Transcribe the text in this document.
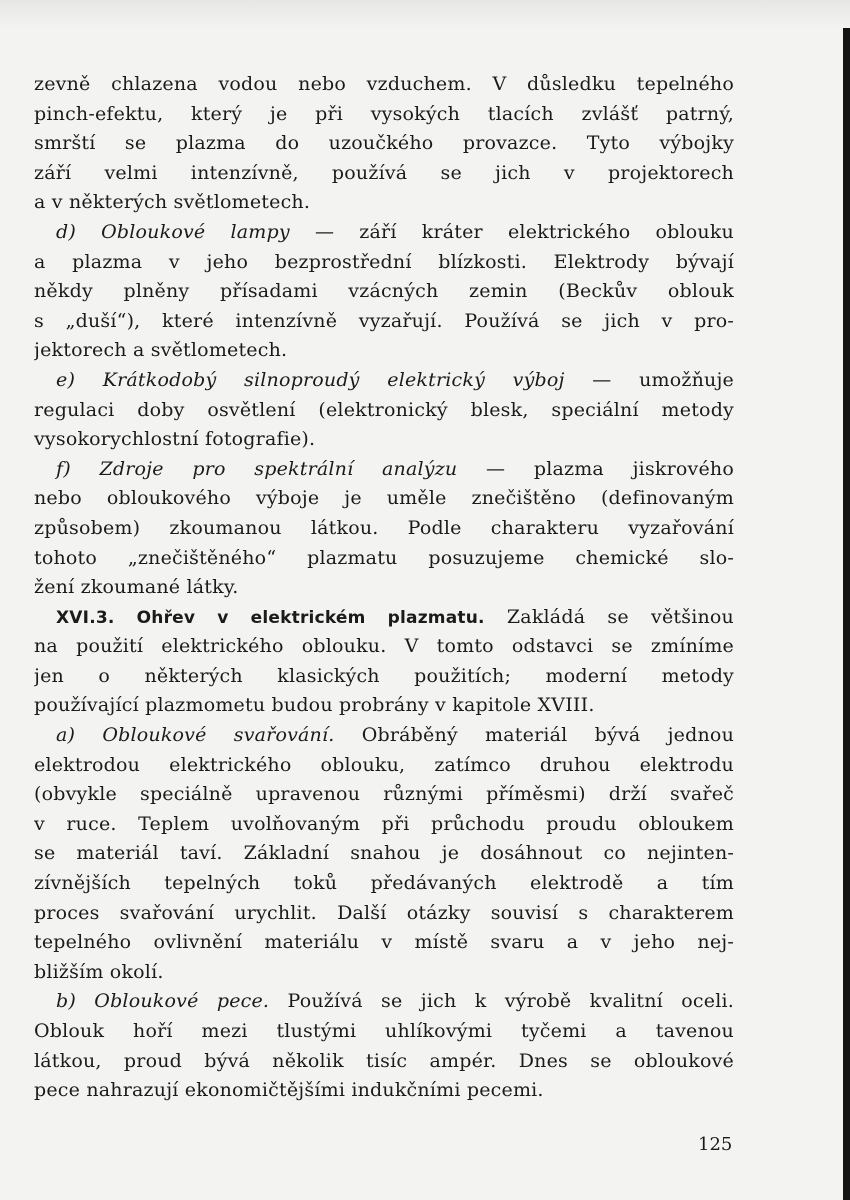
zevně chlazena vodou nebo vzduchem. V důsledku tepelného
pinch-efektu, který je při vysokých tlacích zvlášť patrný,
smrští se plazma do uzoučkého provazce. Tyto výbojky
září velmi intenzívně, používá se jich v projektorech
a v některých světlometech.
d) Obloukové lampy — září kráter elektrického oblouku
a plazma v jeho bezprostřední blízkosti. Elektrody bývají
někdy plněny přísadami vzácných zemin (Beckův oblouk
s „duší“), které intenzívně vyzařují. Používá se jich v pro-
jektorech a světlometech.
e) Krátkodobý silnoproudý elektrický výboj — umožňuje
regulaci doby osvětlení (elektronický blesk, speciální metody
vysokorychlostní fotografie).
f) Zdroje pro spektrální analýzu — plazma jiskrového
nebo obloukového výboje je uměle znečištěno (definovaným
způsobem) zkoumanou látkou. Podle charakteru vyzařování
tohoto „znečištěného“ plazmatu posuzujeme chemické slo-
žení zkoumané látky.
XVI.3. Ohřev v elektrickém plazmatu. Zakládá se většinou
na použití elektrického oblouku. V tomto odstavci se zmíníme
jen o některých klasických použitích; moderní metody
používající plazmometu budou probrány v kapitole XVIII.
a) Obloukové svařování. Obráběný materiál bývá jednou
elektrodou elektrického oblouku, zatímco druhou elektrodu
(obvykle speciálně upravenou různými příměsmi) drží svařeč
v ruce. Teplem uvolňovaným při průchodu proudu obloukem
se materiál taví. Základní snahou je dosáhnout co nejinten-
zívnějších tepelných toků předávaných elektrodě a tím
proces svařování urychlit. Další otázky souvisí s charakterem
tepelného ovlivnění materiálu v místě svaru a v jeho nej-
bližším okolí.
b) Obloukové pece. Používá se jich k výrobě kvalitní oceli.
Oblouk hoří mezi tlustými uhlíkovými tyčemi a tavenou
látkou, proud bývá několik tisíc ampér. Dnes se obloukové
pece nahrazují ekonomičtějšími indukčními pecemi.
125
